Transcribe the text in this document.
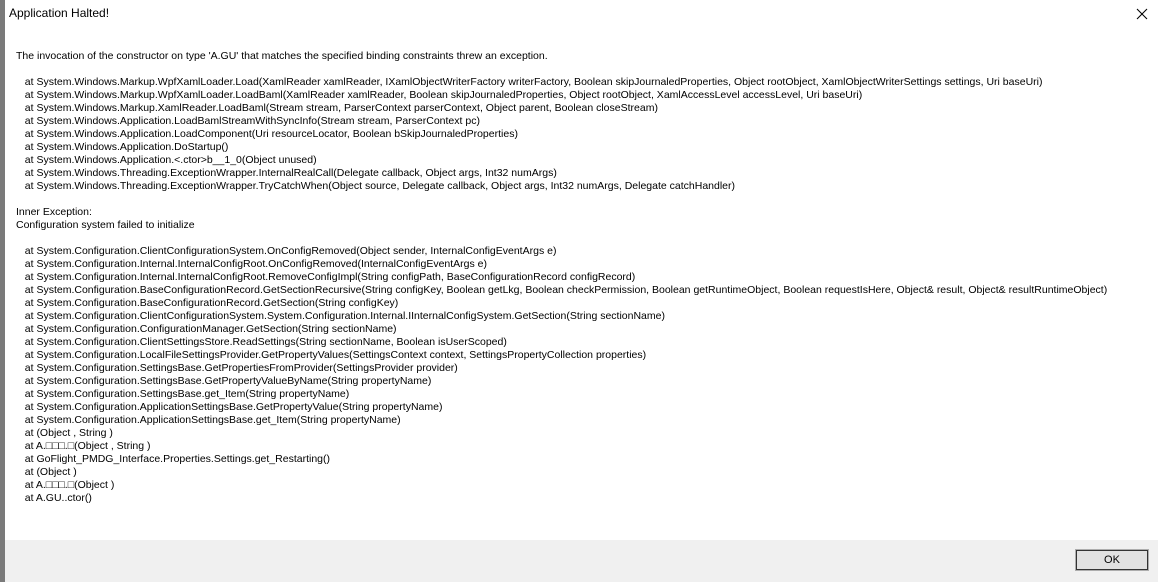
Application Halted!
The invocation of the constructor on type 'A.GU' that matches the specified binding constraints threw an exception.

at System.Windows.Markup.WpfXamlLoader.Load(XamlReader xamlReader, IXamlObjectWriterFactory writerFactory, Boolean skipJournaledProperties, Object rootObject, XamlObjectWriterSettings settings, Uri baseUri)
at System.Windows.Markup.WpfXamlLoader.LoadBaml(XamlReader xamlReader, Boolean skipJournaledProperties, Object rootObject, XamlAccessLevel accessLevel, Uri baseUri)
at System.Windows.Markup.XamlReader.LoadBaml(Stream stream, ParserContext parserContext, Object parent, Boolean closeStream)
at System.Windows.Application.LoadBamlStreamWithSyncInfo(Stream stream, ParserContext pc)
at System.Windows.Application.LoadComponent(Uri resourceLocator, Boolean bSkipJournaledProperties)
at System.Windows.Application.DoStartup()
at System.Windows.Application.<.ctor>b__1_0(Object unused)
at System.Windows.Threading.ExceptionWrapper.InternalRealCall(Delegate callback, Object args, Int32 numArgs)
at System.Windows.Threading.ExceptionWrapper.TryCatchWhen(Object source, Delegate callback, Object args, Int32 numArgs, Delegate catchHandler)

Inner Exception:
Configuration system failed to initialize

at System.Configuration.ClientConfigurationSystem.OnConfigRemoved(Object sender, InternalConfigEventArgs e)
at System.Configuration.Internal.InternalConfigRoot.OnConfigRemoved(InternalConfigEventArgs e)
at System.Configuration.Internal.InternalConfigRoot.RemoveConfigImpl(String configPath, BaseConfigurationRecord configRecord)
at System.Configuration.BaseConfigurationRecord.GetSectionRecursive(String configKey, Boolean getLkg, Boolean checkPermission, Boolean getRuntimeObject, Boolean requestIsHere, Object& result, Object& resultRuntimeObject)
at System.Configuration.BaseConfigurationRecord.GetSection(String configKey)
at System.Configuration.ClientConfigurationSystem.System.Configuration.Internal.IInternalConfigSystem.GetSection(String sectionName)
at System.Configuration.ConfigurationManager.GetSection(String sectionName)
at System.Configuration.ClientSettingsStore.ReadSettings(String sectionName, Boolean isUserScoped)
at System.Configuration.LocalFileSettingsProvider.GetPropertyValues(SettingsContext context, SettingsPropertyCollection properties)
at System.Configuration.SettingsBase.GetPropertiesFromProvider(SettingsProvider provider)
at System.Configuration.SettingsBase.GetPropertyValueByName(String propertyName)
at System.Configuration.SettingsBase.get_Item(String propertyName)
at System.Configuration.ApplicationSettingsBase.GetPropertyValue(String propertyName)
at System.Configuration.ApplicationSettingsBase.get_Item(String propertyName)
at (Object , String )
at A.□□□.□(Object , String )
at GoFlight_PMDG_Interface.Properties.Settings.get_Restarting()
at (Object )
at A.□□□.□(Object )
at A.GU..ctor()
OK
